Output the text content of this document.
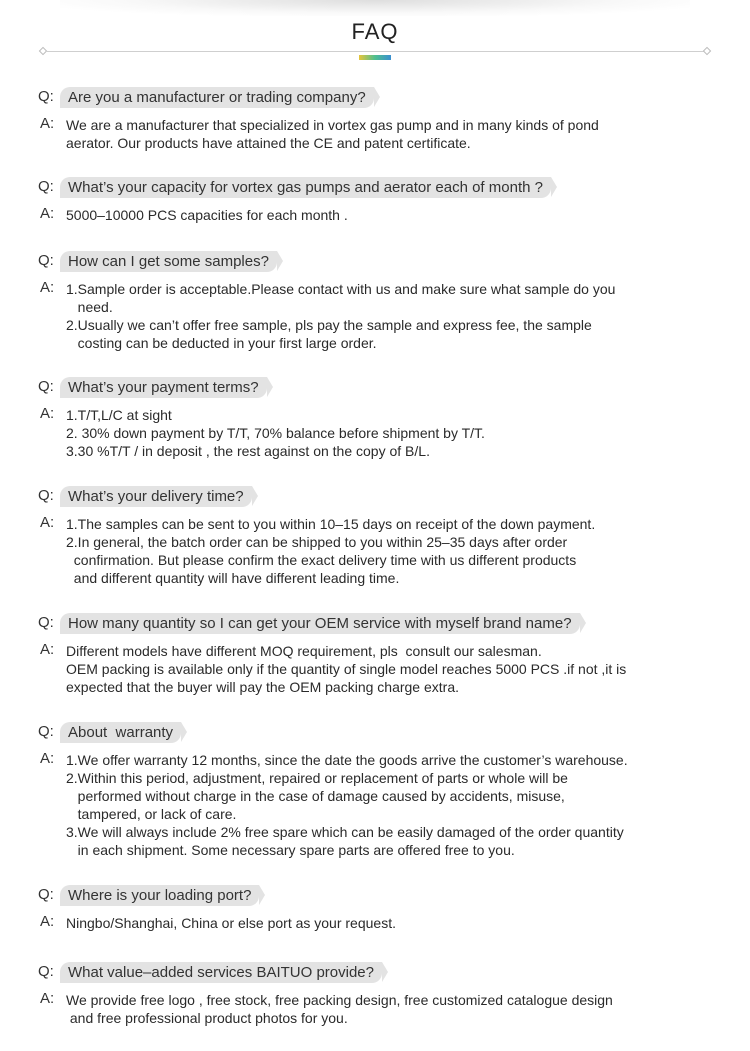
FAQ
Q: Are you a manufacturer or trading company?
A: We are a manufacturer that specialized in vortex gas pump and in many kinds of pond
aerator. Our products have attained the CE and patent certificate.
Q: What’s your capacity for vortex gas pumps and aerator each of month ?
A: 5000–10000 PCS capacities for each month .
Q: How can I get some samples?
A: 1.Sample order is acceptable.Please contact with us and make sure what sample do you
need.
2.Usually we can’t offer free sample, pls pay the sample and express fee, the sample
costing can be deducted in your first large order.
Q: What’s your payment terms?
A: 1.T/T,L/C at sight
2. 30% down payment by T/T, 70% balance before shipment by T/T.
3.30 %T/T / in deposit , the rest against on the copy of B/L.
Q: What’s your delivery time?
A: 1.The samples can be sent to you within 10–15 days on receipt of the down payment.
2.In general, the batch order can be shipped to you within 25–35 days after order
confirmation. But please confirm the exact delivery time with us different products
and different quantity will have different leading time.
Q: How many quantity so I can get your OEM service with myself brand name?
A: Different models have different MOQ requirement, pls  consult our salesman.
OEM packing is available only if the quantity of single model reaches 5000 PCS .if not ,it is
expected that the buyer will pay the OEM packing charge extra.
Q: About  warranty
A: 1.We offer warranty 12 months, since the date the goods arrive the customer’s warehouse.
2.Within this period, adjustment, repaired or replacement of parts or whole will be
performed without charge in the case of damage caused by accidents, misuse,
tampered, or lack of care.
3.We will always include 2% free spare which can be easily damaged of the order quantity
in each shipment. Some necessary spare parts are offered free to you.
Q: Where is your loading port?
A: Ningbo/Shanghai, China or else port as your request.
Q: What value–added services BAITUO provide?
A: We provide free logo , free stock, free packing design, free customized catalogue design
and free professional product photos for you.
